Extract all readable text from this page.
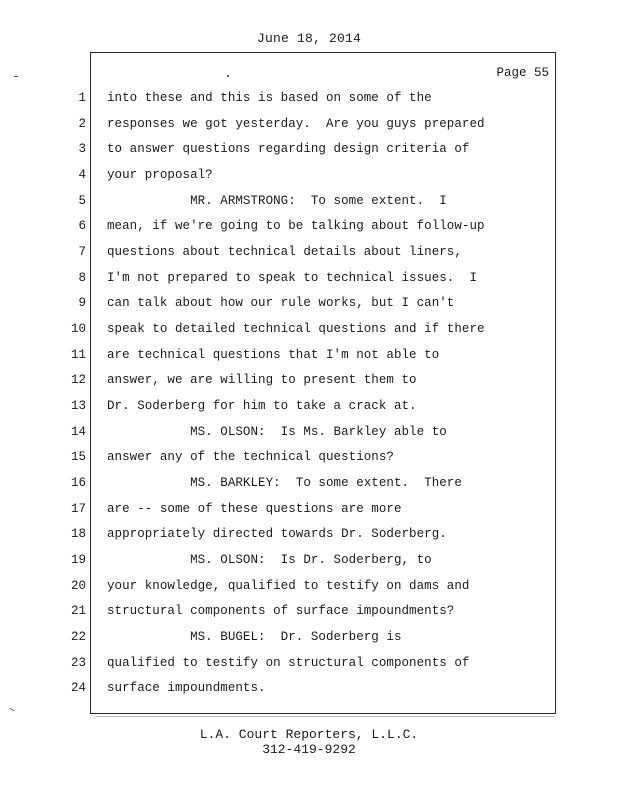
June 18, 2014
Page 55
1 into these and this is based on some of the
2 responses we got yesterday.  Are you guys prepared
3 to answer questions regarding design criteria of
4 your proposal?
5 MR. ARMSTRONG:  To some extent.  I
6 mean, if we're going to be talking about follow-up
7 questions about technical details about liners,
8 I'm not prepared to speak to technical issues.  I
9 can talk about how our rule works, but I can't
10 speak to detailed technical questions and if there
11 are technical questions that I'm not able to
12 answer, we are willing to present them to
13 Dr. Soderberg for him to take a crack at.
14 MS. OLSON:  Is Ms. Barkley able to
15 answer any of the technical questions?
16 MS. BARKLEY:  To some extent.  There
17 are -- some of these questions are more
18 appropriately directed towards Dr. Soderberg.
19 MS. OLSON:  Is Dr. Soderberg, to
20 your knowledge, qualified to testify on dams and
21 structural components of surface impoundments?
22 MS. BUGEL:  Dr. Soderberg is
23 qualified to testify on structural components of
24 surface impoundments.
L.A. Court Reporters, L.L.C.
312-419-9292
